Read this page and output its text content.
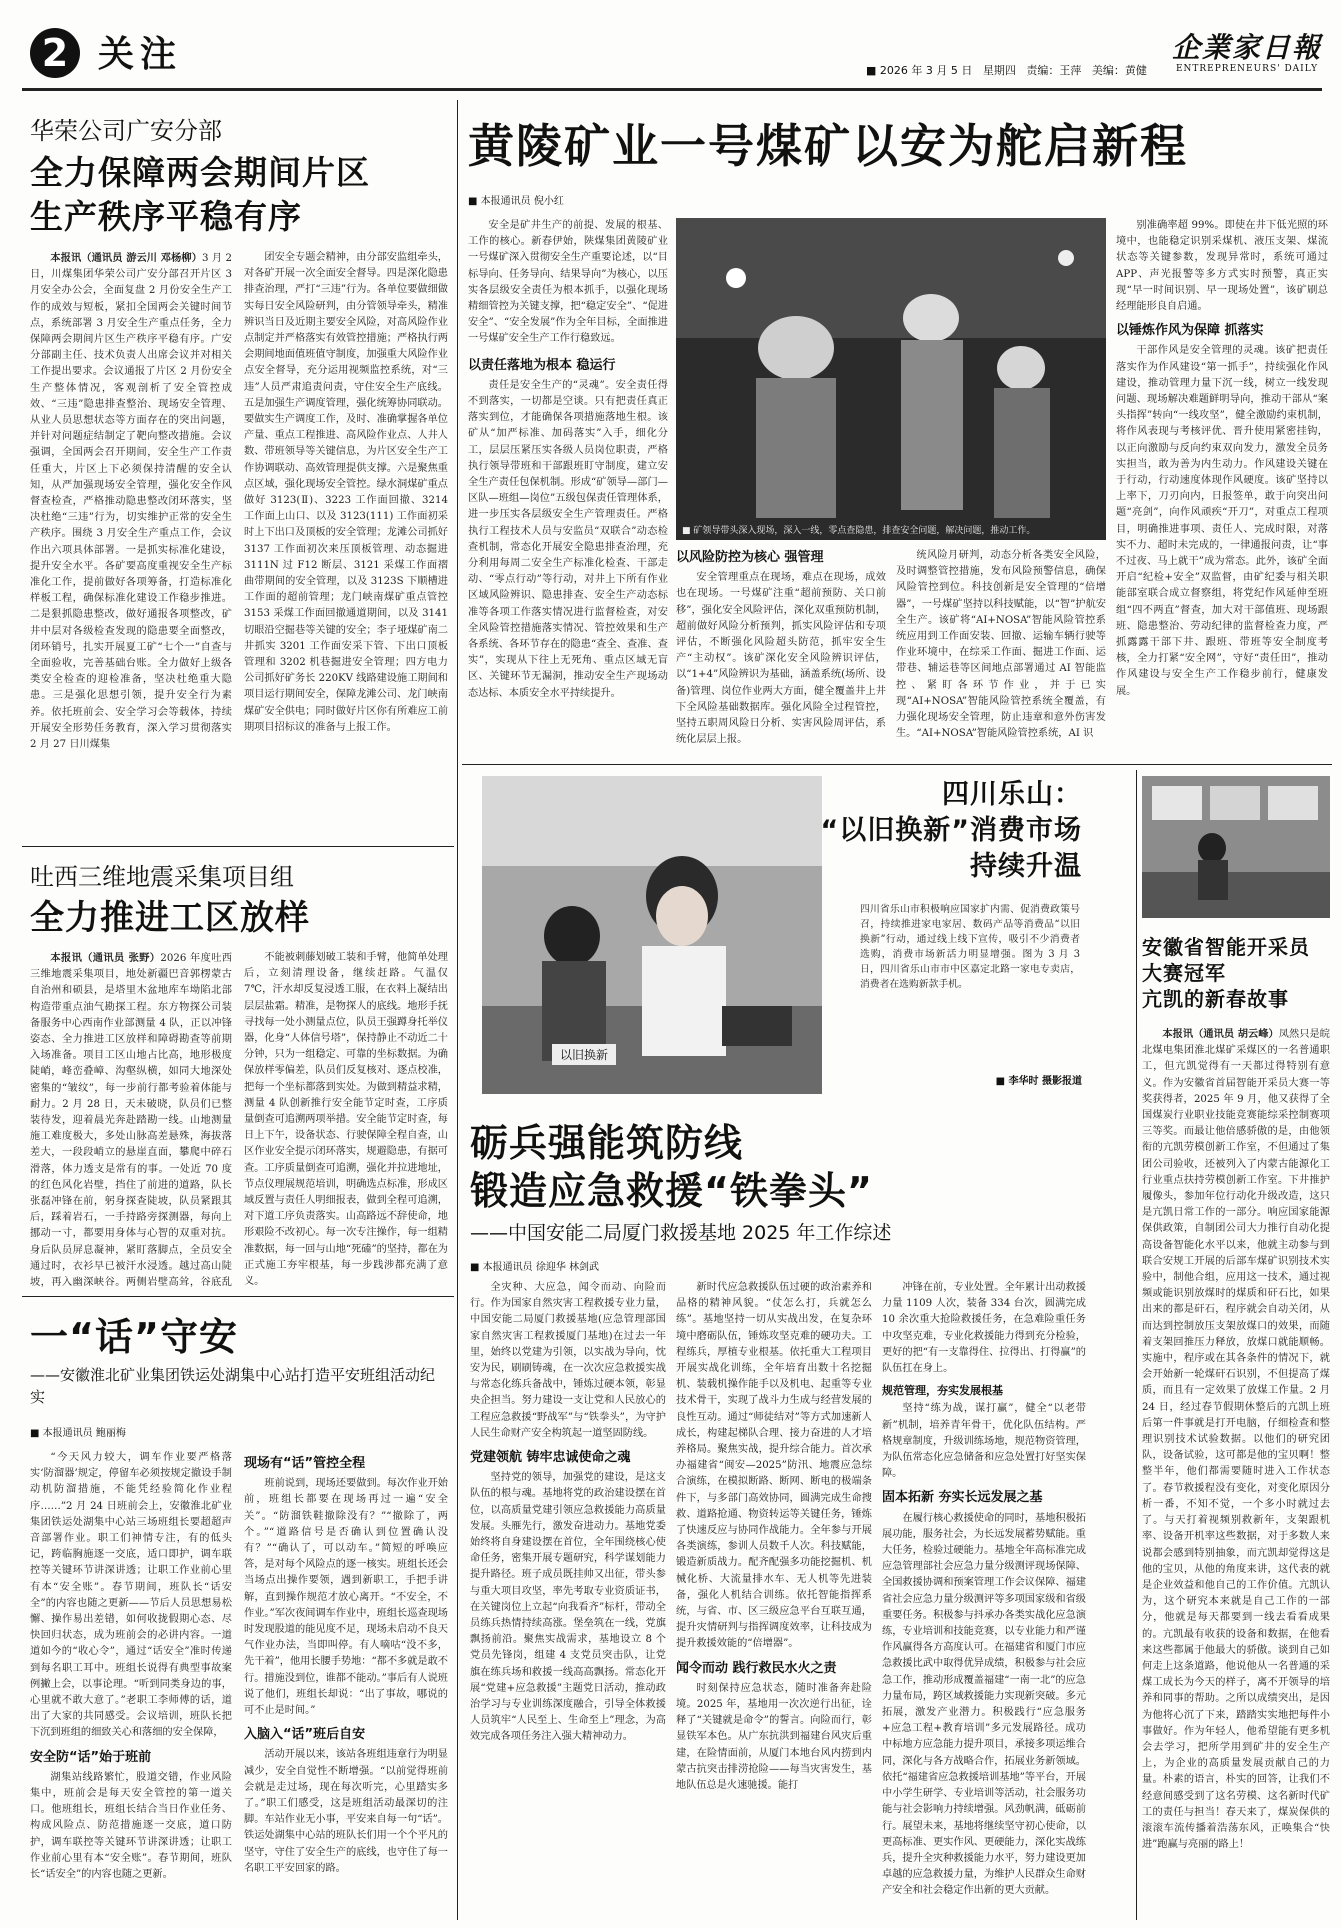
2 关注
■	2026 年 3 月 5 日 星期四 责编：王萍 美编：黄健
企業家日報
ENTREPRENEURS' DAILY
华荣公司广安分部
全力保障两会期间片区
生产秩序平稳有序

本报讯（通讯员 游云川 邓杨柳）3 月 2 日，川煤集团华荣公司广安分部召开片区 3 月安全办公会，全面复盘 2 月份安全生产工作的成效与短板，紧扣全国两会关键时间节点，系统部署 3 月安全生产重点任务，全力保障两会期间片区生产秩序平稳有序。广安分部副主任、技术负责人出席会议并对相关工作提出要求。会议通报了片区 2 月份安全生产整体情况，客观剖析了安全管控成效、“三违”隐患排查整治、现场安全管理、从业人员思想状态等方面存在的突出问题，并针对问题症结制定了靶向整改措施。会议强调，全国两会召开期间，安全生产工作责任重大，片区上下必须保持清醒的安全认知，从严加强现场安全管理，强化安全作风督查检查，严格推动隐患整改闭环落实，坚决杜绝“三违”行为，切实维护正常的安全生产秩序。围绕 3 月安全生产重点工作，会议作出六项具体部署。一是抓实标准化建设，提升安全水平。各矿要高度重视安全生产标准化工作，提前做好各项筹备，打造标准化样板工程，确保标准化建设工作稳步推进。二是狠抓隐患整改，做好通报各项整改，矿井中层对各级检查发现的隐患要全面整改，闭环销号，扎实开展夏工矿“七个一”自查与全面验收，完善基础台账。全力做好上级各类安全检查的迎检准备，坚决杜绝重大隐患。三是强化思想引领，提升安全行为素养。依托班前会、安全学习会等载体，持续开展安全形势任务教育，深入学习贯彻落实 2 月 27 日川煤集

团安全专题会精神，由分部安监组牵头，对各矿开展一次全面安全督导。四是深化隐患排查治理，严打“三违”行为。各单位要做细做实每日安全风险研判，由分管领导牵头，精准辨识当日及近期主要安全风险，对高风险作业点制定并严格落实有效管控措施；严格执行两会期间地面值班值守制度，加强重大风险作业点安全督导，充分运用视频监控系统，对“三违”人员严肃追责问责，守住安全生产底线。五是加强生产调度管理，强化统筹协同联动。要做实生产调度工作，及时、准确掌握各单位产量、重点工程推进、高风险作业点、人井人数、带班领导等关键信息，为片区安全生产工作协调联动、高效管理提供支撑。六是聚焦重点区域，强化现场安全管控。绿水洞煤矿重点做好 3123(Ⅱ)、3223 工作面回撤、3214 工作面上山口、以及 3123(111) 工作面初采时上下出口及顶板的安全管理；龙滩公司抓好 3137 工作面初次来压顶板管理、动态掘进 3111N 过 F12 断层、3121 采煤工作面褶曲带期间的安全管理，以及 3123S 下顺槽进工作面的超前管理；龙门峡南煤矿重点管控 3153 采煤工作面回撤通道期间，以及 3141 切眼沿空掘巷等关键的安全；李子垭煤矿南二井抓实 3201 工作面安采下管、下出口顶板管理和 3202 机巷掘进安全管理；四方电力公司抓好矿务长 220KV 线路建设施工期间和项目运行期间安全，保障龙滩公司、龙门峡南煤矿安全供电；同时做好片区你有所难应工前期项目招标议的准备与上报工作。

吐西三维地震采集项目组
全力推进工区放样

本报讯（通讯员 张野）2026 年度吐西三维地震采集项目，地处新疆巴音郭楞蒙古自治州和硕县，是塔里木盆地库车坳陷北部构造带重点油气勘探工程。东方物探公司装备服务中心西南作业部测量 4 队，正以冲锋姿态、全力推进工区放样和障碍勘查等前期入场准备。项目工区山地占比高，地形极度陡峭，峰峦叠嶂、沟壑纵横，如同大地深处密集的“皱纹”，每一步前行都考验着体能与耐力。2 月 28 日，天未破晓，队员们已整装待发，迎着晨光奔赴踏勘一线。山地测量施工难度极大，多处山脉高差悬殊，海拔落差大，一段段峭立的悬崖直面，攀爬中碎石滑落，体力透支是常有的事。一处近 70 度的红色风化岩壁，挡住了前进的道路，队长张磊冲锋在前，躬身探查陡坡，队员紧跟其后，踩着岩石，一手持路旁探测器，每向上挪动一寸，都要用身体与心智的双重对抗。身后队员屏息凝神，紧盯落脚点，全员安全通过时，衣衫早已被汗水浸透。越过高山陡坡，再入幽深峡谷。两侧岩壁高耸，谷底乱

不能被刺藤划破工装和手臂，他简单处理后，立刻清理设备，继续赶路。气温仅 7℃，汗水却反复浸透工服，在衣料上凝结出层层盐霜。精准，是物探人的底线。地形手抚寻找每一处小测量点位，队员王强蹲身托举仪器，化身“人体信号塔”，保持静止不动近二十分钟，只为一组稳定、可靠的坐标数据。为确保放样零偏差，队员们反复核对、逐点校准，把每一个坐标都落到实处。为做到精益求精，测量 4 队创新推行安全能节定时查，工序质量倒查可追溯两项举措。安全能节定时查，每日上下午，设备状态、行驶保障全程自查，山区作业安全提示闭环落实，规避隐患，有据可查。工序质量倒查可追溯，强化并拉进地址，节点仪理展规范培训，明确选点标准，形成区域反置与责任人明细报表，做到全程可追溯，对下道工序负责落实。山高路远不辞使命，地形艰险不改初心。每一次专注操作，每一组精准数据，每一回与山地“死磕”的坚持，都在为正式施工夯牢根基，每一步践涉都充满了意义。

一“话”守安
——安徽淮北矿业集团铁运处湖集中心站打造平安班组活动纪实
■ 本报通讯员 鲍丽梅

“今天风力较大，调车作业要严格落实‘防溜器’规定，停留车必须按规定撤设手制动机防溜措施，不能凭经验简化作业程序……”2 月 24 日班前会上，安徽淮北矿业集团铁运处湖集中心站三场班组长要超超声音部署作业。职工们神情专注，有的低头记，跨临胸施逐一交底，适口即护，调车联控等关键环节讲深讲透；让职工作业前心里有本“安全账”。春节期间，班队长“话安全”的内容也随之更新——节后人员思想易松懈、操作易出差错，如何收拢假期心态、尽快回归状态，成为班前会的必讲内容。一道道如今的“收心令”，通过“话安全”准时传递到每名职工耳中。班组长说得有典型事故案例撇上会，以事论理。“听到同类身边的事，心里就不敢大意了。”老职工李师傅的话，道出了大家的共同感受。会议培训，班队长把下沉到班组的细致关心和落细的安全保障，

安全防“话”始于班前

湖集站线路繁忙，股道交错，作业风险集中，班前会是每天安全管控的第一道关口。他班组长，班组长结合当日作业任务、构成风险点、防范措施逐一交底，道口防护，调车联控等关键环节讲深讲透；让职工作业前心里有本“安全账”。春节期间，班队长“话安全”的内容也随之更新。

现场有“话”管控全程

班前说到，现场还要做到。每次作业开始前，班组长都要在现场再过一遍“安全关”。“防溜铁鞋撤除没有？”“撤除了，两个。”“道路信号是否确认到位置确认没有？”“确认了，可以动车。”简短的呼唤应答，是对每个风险点的逐一核实。班组长还会当场点出操作要领，遇到新职工，手把手讲解，直到操作规范才放心离开。“不安全，不作业。”军次夜间调车作业中，班组长巡查现场时发现股道的能见度不足，现场未启动不良天气作业办法，当即叫停。有人嘀咕“没不多，先干着”，他用长腰手势地：“都不多就是敢不行。措施没到位，谁都不能动。”事后有人说班说了他们，班组长却说：“出了事故，哪说的可不止是时间。”

入脑入“话”班后自安

活动开展以来，该站各班组违章行为明显减少，安全自觉性不断增强。“以前觉得班前会就是走过场，现在每次听完，心里踏实多了。”职工们感受，这是班组活动最深切的注脚。车站作业无小事，平安来自每一句“话”。铁运处湖集中心站的班队长们用一个个平凡的坚守，守住了安全生产的底线，也守住了每一名职工平安回家的路。

黄陵矿业一号煤矿以安为舵启新程
■ 本报通讯员 倪小红

安全是矿井生产的前提、发展的根基、工作的核心。新春伊始，陕煤集团黄陵矿业一号煤矿深入贯彻安全生产重要论述，以“目标导向、任务导向、结果导向”为核心，以压实各层级安全责任为根本抓手，以强化现场精细管控为关键支撑，把“稳定安全”、“促进安全”、“安全发展”作为全年目标，全面推进一号煤矿安全生产工作行稳致远。

以责任落地为根本 稳运行

责任是安全生产的“灵魂”。安全责任得不到落实，一切都是空谈。只有把责任真正落实到位，才能确保各项措施落地生根。该矿从“加严标准、加码落实”入手，细化分工，层层压紧压实各级人员岗位职责，严格执行领导带班和干部跟班盯守制度，建立安全生产责任包保机制。形成“矿领导—部门—区队—班组—岗位”五级包保责任管理体系，进一步压实各层级安全生产管理责任。严格执行工程技术人员与安监员“双联合”动态检查机制，常态化开展安全隐患排查治理，充分利用每周二安全生产标准化检查、干部走动、“零点行动”等行动，对井上下所有作业区域风险辨识、隐患排查、安全生产动态标准等各项工作落实情况进行监督检查，对安全风险管控措施落实情况、管控效果和生产各系统、各环节存在的隐患“查全、查准、查实”，实现从下往上无死角、重点区域无盲区、关键环节无漏洞，推动安全生产现场动态达标、本质安全水平持续提升。

■ 矿领导带头深入现场，深入一线，零点查隐患，排查安全问题，解决问题，推动工作。
以风险防控为核心 强管理

安全管理重点在现场，难点在现场，成效也在现场。一号煤矿注重“超前预防、关口前移”，强化安全风险评估，深化双重预防机制，超前做好风险分析预判，抓实风险评估和专项评估，不断强化风险超头防范，抓牢安全生产“主动权”。该矿深化安全风险辨识评估，以“1+4”风险辨识为基础，涵盖系统(场所、设备)管理、岗位作业两大方面，健全覆盖井上井下全风险基础数据库。强化风险全过程管控，坚持五职周风险日分析、实害风险周评估，系统化层层上报。

统风险月研判，动态分析各类安全风险，及时调整管控措施，发布风险预警信息，确保风险管控到位。科技创新是安全管理的“倍增器”，一号煤矿坚持以科技赋能，以“智”护航安全生产。该矿将“AI+NOSA”智能风险管控系统应用到工作面安装、回撤、运输车辆行驶等作业环境中，在综采工作面、掘进工作面、运带巷、辅运巷等区间地点部署通过 AI 智能监控、紧盯各环节作业，并于已实现“AI+NOSA”智能风险管控系统全覆盖，有力强化现场安全管理，防止违章和意外伤害发生。“AI+NOSA”智能风险管控系统，AI 识

别准确率超 99%。即使在井下低光照的环境中，也能稳定识别采煤机、液压支架、煤流状态等关键参数，发现异常时，系统可通过 APP、声光报警等多方式实时预警，真正实现“早一时间识别、早一现场处置”，该矿刷总经理能形良自启通。

以锤炼作风为保障 抓落实

干部作风是安全管理的灵魂。该矿把责任落实作为作风建设“第一抓手”，持续强化作风建设，推动管理力量下沉一线，树立一线发现问题、现场解决难题鲜明导向，推动干部从“案头指挥”转向“一线攻坚”，健全激励约束机制，将作风表现与考核评优、晋升使用紧密挂钩，以正向激励与反向约束双向发力，激发全员务实担当，敢为善为内生动力。作风建设关键在于行动，行动速度体现作风硬度。该矿坚持以上率下，刀刃向内，日报签单，敢于向突出问题“亮剑”，向作风顽疾“开刀”，对重点工程项目，明确推进事项、责任人、完成时限，对落实不力、超时未完成的，一律通报问责，让“事不过夜、马上就干”成为常态。此外，该矿全面开启“纪检+安全”双监督，由矿纪委与相关职能部室联合成立督察组，将党纪作风延伸至班组“四不两直”督查，加大对干部值班、现场跟班、隐患整治、劳动纪律的监督检查力度，严抓露露干部下井、跟班、带班等安全制度考核，全力打紧“安全网”，守好“责任田”，推动作风建设与安全生产工作稳步前行，健康发展。

以旧换新
四川乐山：
“以旧换新”消费市场
持续升温
四川省乐山市积极响应国家扩内需、促消费政策号召，持续推进家电家居、数码产品等消费品“以旧换新”行动，通过线上线下宣传，吸引不少消费者选购，消费市场新活力明显增强。图为 3 月 3 日，四川省乐山市市中区嘉定北路一家电专卖店，消费者在选购新款手机。
■ 李华时 摄影报道
砺兵强能筑防线
锻造应急救援“铁拳头”
——中国安能二局厦门救援基地 2025 年工作综述
■ 本报通讯员 徐迎华 林剑武

全灾种、大应急，闻令而动、向险而行。作为国家自然灾害工程救援专业力量，中国安能二局厦门救援基地(应急管理部国家自然灾害工程救援厦门基地)在过去一年里，始终以党建为引领，以实战为导向，忱安为民，刷刷铸魂，在一次次应急救援实战与常态化练兵备战中，锤炼过硬本领，彰显央企担当。努力建设一支让党和人民放心的工程应急救援“野战军”与“铁拳头”，为守护人民生命财产安全构筑起一道坚固防线。

党建领航 铸牢忠诚使命之魂

坚持党的领导，加强党的建设，是这支队伍的根与魂。基地将党的政治建设摆在首位，以高质量党建引领应急救援能力高质量发展。头雁先行，激发奋进动力。基地党委始终将自身建设摆在首位，全年围绕核心使命任务，密集开展专题研究，科学谋划能力提升路径。班子成员既挂帅又出征，带头参与重大项目攻坚，率先考取专业资质证书，在关键岗位上立起“向我看齐”标杆，带动全员练兵热情持续高涨。堡垒筑在一线，党旗飘扬前沿。聚焦实战需求，基地设立 8 个党员先锋岗，组建 4 支党员突击队，让党旗在练兵场和救援一线高高飘扬。常态化开展“党建+应急救援”主题党日活动，推动政治学习与专业训练深度融合，引导全体救援人员筑牢“人民至上、生命至上”理念，为高效完成各项任务注入强大精神动力。

新时代应急救援队伍过硬的政治素养和品格的精神风貌。“仗怎么打，兵就怎么练”。基地坚持一切从实战出发，在复杂环境中磨砺队伍，锤炼攻坚克难的硬功夫。工程练兵，厚植专业根基。依托重大工程项目开展实战化训练，全年培育出数十名挖掘机、装载机操作能手以及机电、起重等专业技术骨干，实现了战斗力生成与经营发展的良性互动。通过“师徒结对”等方式加速新人成长，构建起梯队合理、接力奋进的人才培养格局。聚焦实战，提升综合能力。首次承办福建省“闽安—2025”防汛、地震应急综合演练，在模拟断路、断网、断电的极端条件下，与多部门高效协同，圆满完成生命搜救、道路抢通、物资转运等关键任务，锤炼了快速反应与协同作战能力。全年参与开展各类演练，参训人员数千人次。科技赋能，锻造新质战力。配齐配强多功能挖掘机、机械化桥、大流量排水车、无人机等先进装备，强化人机结合训练。依托智能指挥系统，与省、市、区三级应急平台互联互通，提升灾情研判与指挥调度效率，让科技成为提升救援效能的“倍增器”。

闻令而动 践行救民水火之责

时刻保持应急状态，随时准备奔赴险境。2025 年，基地用一次次逆行出征，诠释了“关键就是命令”的誓言。向险而行，彰显铁军本色。从广东抗洪到福建台风灾后重建，在险情面前，从厦门本地台风内捞到内蒙古抗突击排涝抢险——每当灾害发生，基地队伍总是火速驰援。能打

冲锋在前，专业处置。全年累计出动救援力量 1109 人次，装备 334 台次，圆满完成 10 余次重大抢险救援任务，在急难险重任务中攻坚克难，专业化救援能力得到充分检验，更好的把“有一支靠得住、拉得出、打得赢”的队伍扛在身上。

规范管理，夯实发展根基

坚持“练为战，谋打赢”，健全“以老带新”机制，培养青年骨干，优化队伍结构。严格规章制度，升级训练场地，规范物资管理，为队伍常态化应急储备和应急处置打好坚实保障。

固本拓新 夯实长远发展之基

在履行核心救援使命的同时，基地积极拓展功能，服务社会，为长远发展蓄势赋能。重大任务，检验过硬能力。基地全年高标准完成应急管理部社会应急力量分级测评现场保障、全国救援协调和预案管理工作会议保障、福建省社会应急力量分级测评等多项国家级和省级重要任务。积极参与抖承办各类实战化应急演练，专业培训和技能竞赛，以专业能力和严谨作风赢得各方高度认可。在福建省和厦门市应急救援比武中取得优异成绩，积极参与社会应急工作，推动形成覆盖福建“一南一北”的应急力量布局，跨区域救援能力实现新突破。多元拓展，激发产业潜力。积极践行“应急服务+应急工程+教育培训”多元发展路径。成功中标地方应急能力提升项目，承接多项运维合同，深化与各方战略合作，拓展业务新领域。依托“福建省应急救援培训基地”等平台，开展中小学生研学、专业培训等活动，社会服务功能与社会影响力持续增强。风劲帆满，砥砺前行。展望未来，基地将继续坚守初心使命，以更高标准、更实作风、更硬能力，深化实战练兵，提升全灾种救援能力水平，努力建设更加卓越的应急救援力量，为维护人民群众生命财产安全和社会稳定作出新的更大贡献。

安徽省智能开采员
大赛冠军
亢凯的新春故事

本报讯（通讯员 胡云峰）凤然只是皖北煤电集团淮北煤矿采煤区的一名普通职工，但亢凯觉得有一天都过得特别有意义。作为安徽省首届智能开采员大赛一等奖获得者，2025 年 9 月，他又获得了全国煤炭行业职业技能竞赛能综采控制赛项三等奖。而最让他倍感骄傲的是，由他领衔的亢凯劳模创新工作室，不但通过了集团公司验收，还被列入了内蒙古能源化工行业重点扶持劳模创新工作室。下井推护履像头，参加年位行动化升级改造，这只是亢凯日常工作的一部分。响应国家能源保供政策，自制团公司大力推行自动化提高设备智能化水平以来，他就主动参与到联合安规工开展的后部车煤矿识别技术实验中，制他合组，应用这一技术，通过视频或能识别放煤时的煤质和矸石比，如果出来的都是矸石，程序就会自动关闭，从而达到控制放压支架放煤口的效果，而随着支架回推压力释放，放煤口就能顺畅。实施中，程序或在其各条件的情况下，就会开始新一轮煤矸石识别，不但提高了煤质，而且有一定效果了放煤工作量。2 月 24 日，经过春节假期休整后的亢凯上班后第一件事就是打开电脑，仔细检查和整理识别技术试验数据。以他们的研究团队，设备试验，这可都是他的宝贝啊！整整半年，他们都需要随时进入工作状态了。春节救援程没有变化，对变化原因分析一番，不知不觉，一个多小时就过去了。与天打着视频别救新年，支架跟机率、设备开机率这些数据，对于多数人来说都会感到特别抽象，而亢凯却觉得这是他的宝贝，从他的角度来讲，这代表的就是企业效益和他自己的工作价值。亢凯认为，这个研究本来就是自己工作的一部分，他就是每天都要到一线去看看成果的。亢凯最有收获的设备和数据，在他看来这些都属于他最大的骄傲。谈到自己如何走上这条道路，他说他从一名普通的采煤工成长为今天的样子，离不开领导的培养和同事的帮助。之所以成绩突出，是因为他将心沉了下来，踏踏实实地把每件小事做好。作为年轻人，他希望能有更多机会去学习，把所学用到矿井的安全生产上，为企业的高质量发展贡献自己的力量。朴素的语言，朴实的回答，让我们不经意间感受到了这名劳模、这名新时代矿工的责任与担当！春天来了，煤炭保供的滚滚车流传播着浩荡东风，正唤集合“快进”跑赢与亮丽的路上！
